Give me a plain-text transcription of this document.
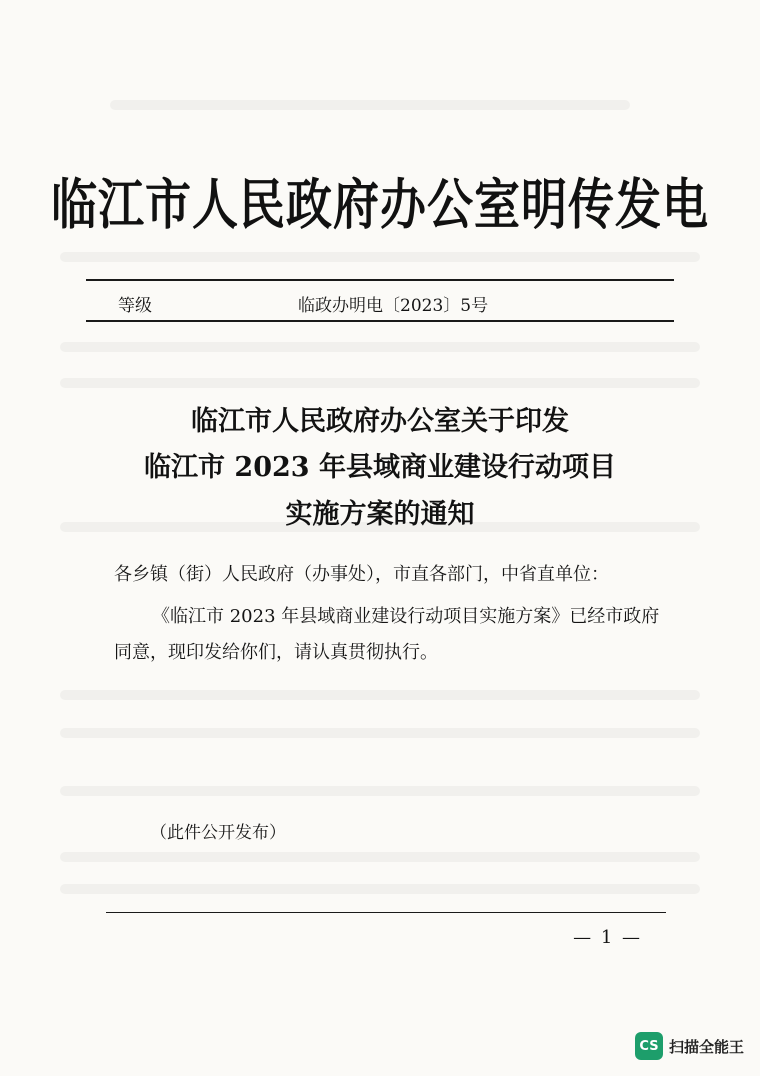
临江市人民政府办公室明传发电
等级	临政办明电〔2023〕5号
临江市人民政府办公室关于印发
临江市 2023 年县域商业建设行动项目
实施方案的通知
各乡镇（街）人民政府（办事处），市直各部门，中省直单位：
《临江市 2023 年县域商业建设行动项目实施方案》已经市政府
同意，现印发给你们，请认真贯彻执行。
（此件公开发布）
— 1 —
CS 扫描全能王
